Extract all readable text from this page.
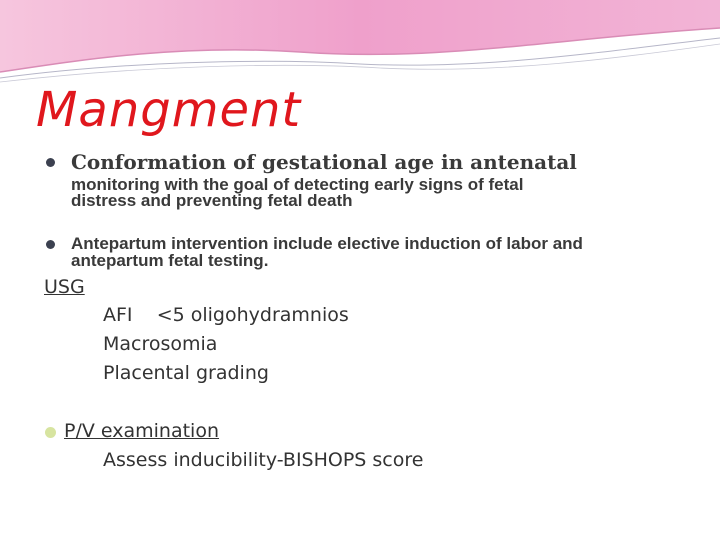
Mangment
Conformation of gestational age in antenatal
monitoring with the goal of detecting early signs of fetal
distress and preventing fetal death
Antepartum intervention include elective induction of labor and
antepartum fetal testing.
USG
AFI    <5 oligohydramnios
Macrosomia
Placental grading
P/V examination
Assess inducibility-BISHOPS score
